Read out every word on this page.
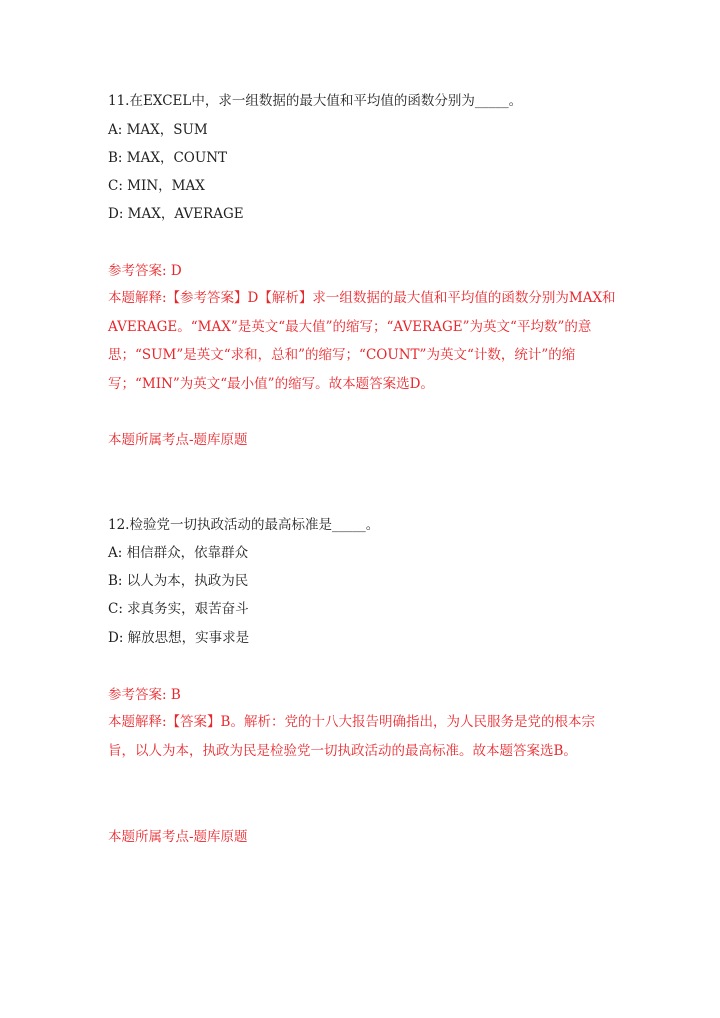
11.在EXCEL中，求一组数据的最大值和平均值的函数分别为_____。
A: MAX，SUM
B: MAX，COUNT
C: MIN，MAX
D: MAX，AVERAGE
参考答案: D
本题解释:【参考答案】D【解析】求一组数据的最大值和平均值的函数分别为MAX和AVERAGE。“MAX”是英文“最大值”的缩写；“AVERAGE”为英文“平均数”的意思；“SUM”是英文“求和，总和”的缩写；“COUNT”为英文“计数，统计”的缩写；“MIN”为英文“最小值”的缩写。故本题答案选D。
本题所属考点-题库原题
12.检验党一切执政活动的最高标准是_____。
A: 相信群众，依靠群众
B: 以人为本，执政为民
C: 求真务实，艰苦奋斗
D: 解放思想，实事求是
参考答案: B
本题解释:【答案】B。解析：党的十八大报告明确指出，为人民服务是党的根本宗旨，以人为本，执政为民是检验党一切执政活动的最高标准。故本题答案选B。
本题所属考点-题库原题
